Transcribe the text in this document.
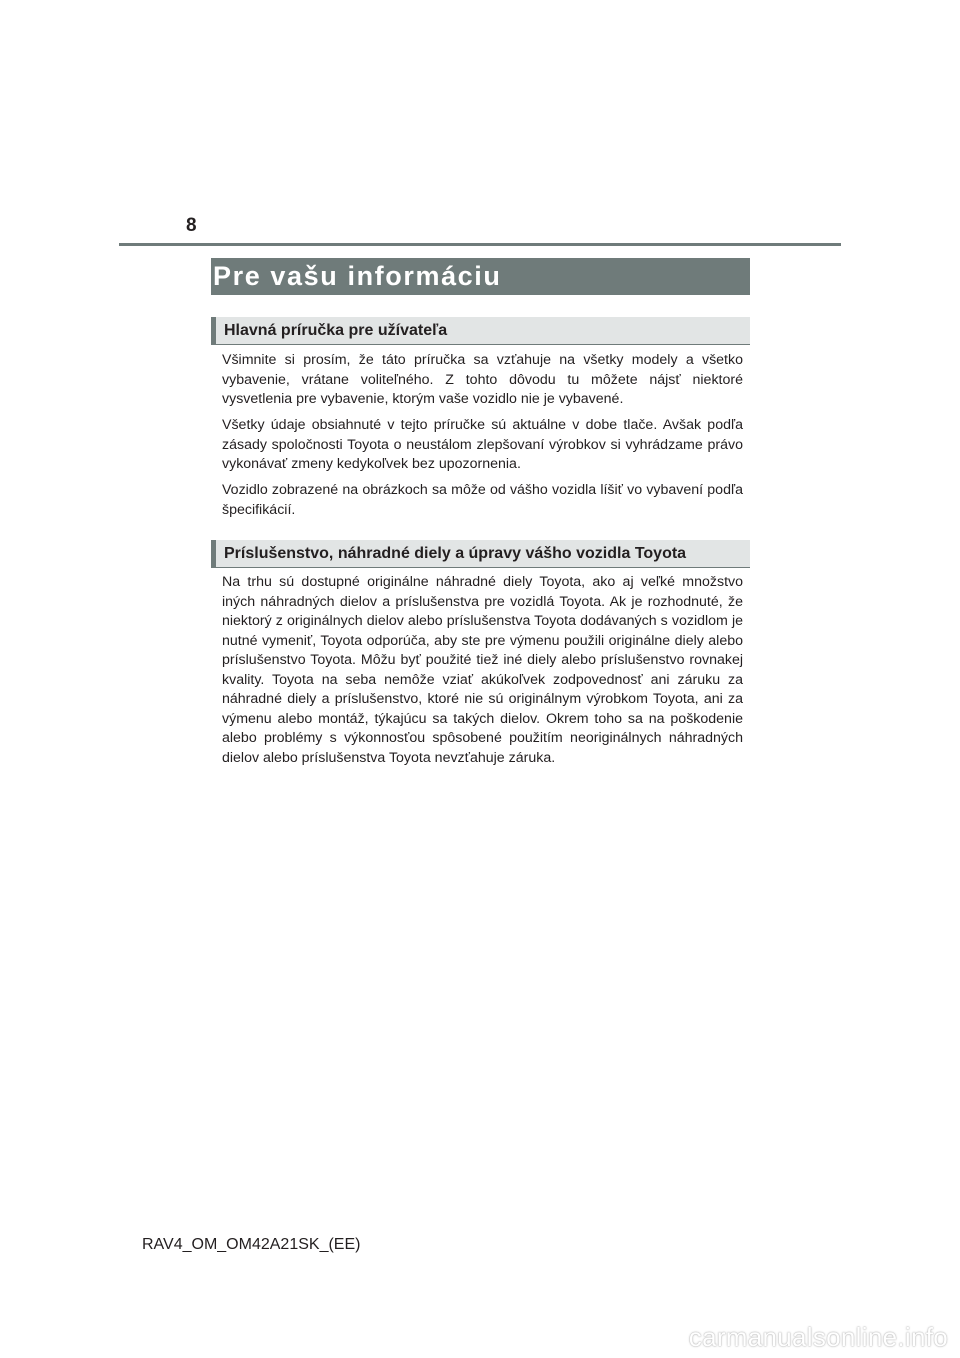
8
Pre vašu informáciu
Hlavná príručka pre užívateľa

Všimnite si prosím, že táto príručka sa vzťahuje na všetky modely a všetko vybavenie, vrátane voliteľného. Z tohto dôvodu tu môžete nájsť niektoré vysvetlenia pre vybavenie, ktorým vaše vozidlo nie je vybavené.

Všetky údaje obsiahnuté v tejto príručke sú aktuálne v dobe tlače. Avšak podľa zásady spoločnosti Toyota o neustálom zlepšovaní výrobkov si vyhrádzame právo vykonávať zmeny kedykoľvek bez upozornenia.

Vozidlo zobrazené na obrázkoch sa môže od vášho vozidla líšiť vo vybavení podľa špecifikácií.

Príslušenstvo, náhradné diely a úpravy vášho vozidla Toyota

Na trhu sú dostupné originálne náhradné diely Toyota, ako aj veľké množstvo iných náhradných dielov a príslušenstva pre vozidlá Toyota. Ak je rozhodnuté, že niektorý z originálnych dielov alebo príslušenstva Toyota dodávaných s vozidlom je nutné vymeniť, Toyota odporúča, aby ste pre výmenu použili originálne diely alebo príslušenstvo Toyota. Môžu byť použité tiež iné diely alebo príslušenstvo rovnakej kvality. Toyota na seba nemôže vziať akúkoľvek zodpovednosť ani záruku za náhradné diely a príslušenstvo, ktoré nie sú originálnym výrobkom Toyota, ani za výmenu alebo montáž, týkajúcu sa takých dielov. Okrem toho sa na poškodenie alebo problémy s výkonnosťou spôsobené použitím neoriginálnych náhradných dielov alebo príslušenstva Toyota nevzťahuje záruka.

RAV4_OM_OM42A21SK_(EE)
carmanualsonline.info
